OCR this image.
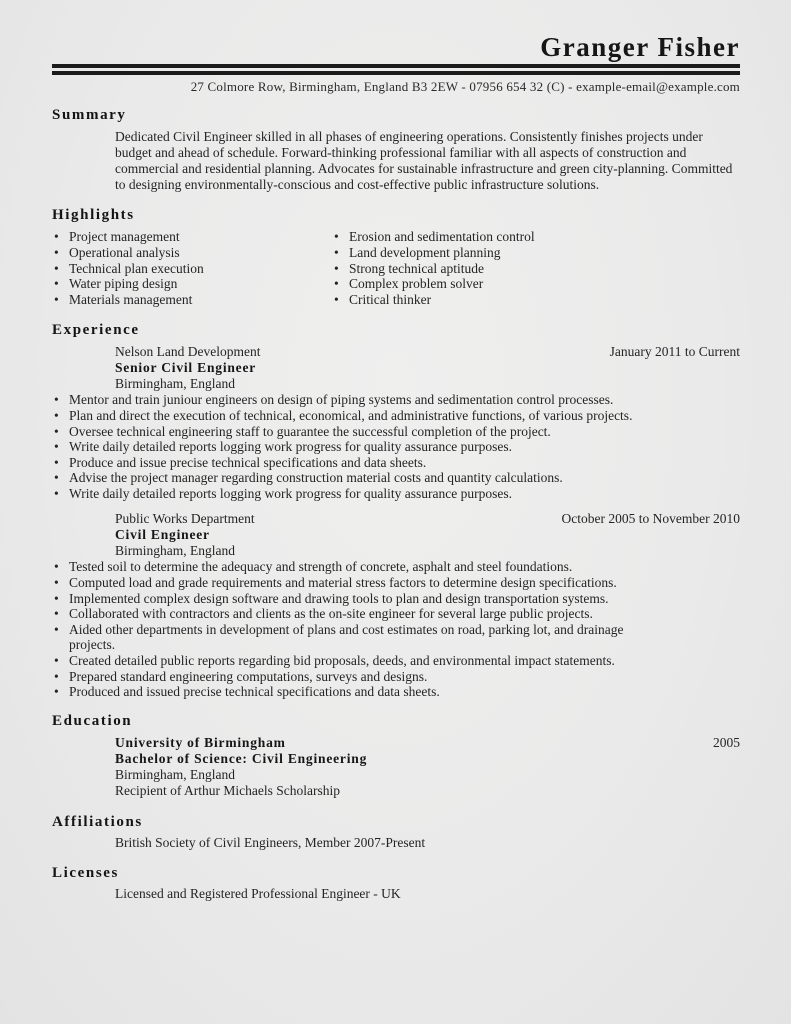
Granger Fisher
27 Colmore Row, Birmingham, England B3 2EW - 07956 654 32 (C) - example-email@example.com
Summary
Dedicated Civil Engineer skilled in all phases of engineering operations. Consistently finishes projects under budget and ahead of schedule. Forward-thinking professional familiar with all aspects of construction and commercial and residential planning. Advocates for sustainable infrastructure and green city-planning. Committed to designing environmentally-conscious and cost-effective public infrastructure solutions.
Highlights
• Project management
• Operational analysis
• Technical plan execution
• Water piping design
• Materials management
• Erosion and sedimentation control
• Land development planning
• Strong technical aptitude
• Complex problem solver
• Critical thinker
Experience
Nelson Land Development	January 2011 to Current
Senior Civil Engineer
Birmingham, England
• Mentor and train juniour engineers on design of piping systems and sedimentation control processes.
• Plan and direct the execution of technical, economical, and administrative functions, of various projects.
• Oversee technical engineering staff to guarantee the successful completion of the project.
• Write daily detailed reports logging work progress for quality assurance purposes.
• Produce and issue precise technical specifications and data sheets.
• Advise the project manager regarding construction material costs and quantity calculations.
• Write daily detailed reports logging work progress for quality assurance purposes.
Public Works Department	October 2005 to November 2010
Civil Engineer
Birmingham, England
• Tested soil to determine the adequacy and strength of concrete, asphalt and steel foundations.
• Computed load and grade requirements and material stress factors to determine design specifications.
• Implemented complex design software and drawing tools to plan and design transportation systems.
• Collaborated with contractors and clients as the on-site engineer for several large public projects.
• Aided other departments in development of plans and cost estimates on road, parking lot, and drainage projects.
• Created detailed public reports regarding bid proposals, deeds, and environmental impact statements.
• Prepared standard engineering computations, surveys and designs.
• Produced and issued precise technical specifications and data sheets.
Education
University of Birmingham	2005
Bachelor of Science: Civil Engineering
Birmingham, England
Recipient of Arthur Michaels Scholarship
Affiliations
British Society of Civil Engineers, Member 2007-Present
Licenses
Licensed and Registered Professional Engineer - UK
